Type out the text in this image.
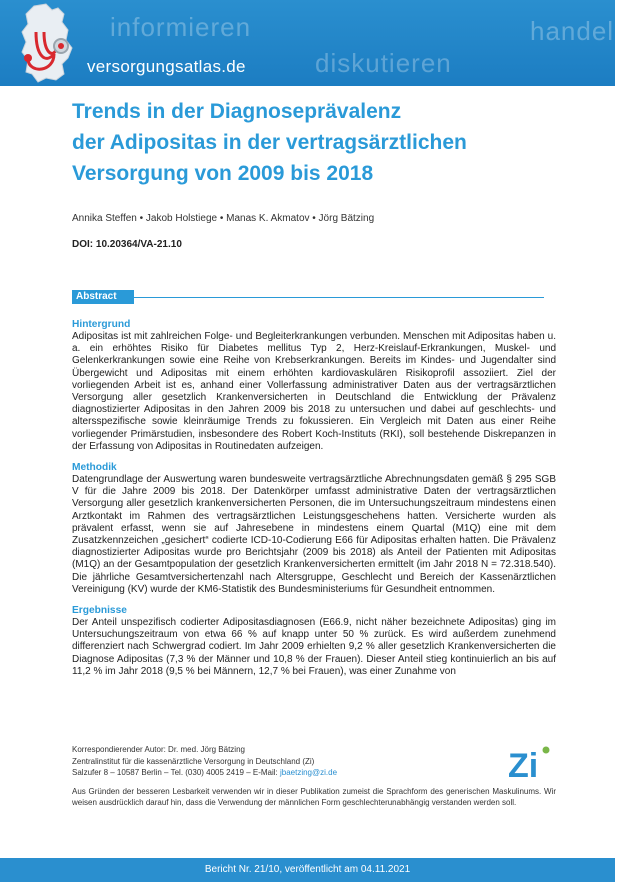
informieren
diskutieren
handeln
versorgungsatlas.de
Trends in der Diagnoseprävalenz
der Adipositas in der vertragsärztlichen
Versorgung von 2009 bis 2018
Annika Steffen • Jakob Holstiege • Manas K. Akmatov • Jörg Bätzing
DOI: 10.20364/VA-21.10
Abstract
Hintergrund

Adipositas ist mit zahlreichen Folge- und Begleiterkrankungen verbunden. Menschen mit Adipositas haben u. a. ein erhöhtes Risiko für Diabetes mellitus Typ 2, Herz-Kreislauf-Erkrankungen, Muskel- und Gelenkerkrankungen sowie eine Reihe von Krebserkrankungen. Bereits im Kindes- und Jugendalter sind Übergewicht und Adipositas mit einem erhöhten kardiovaskulären Risikoprofil assoziiert. Ziel der vorliegenden Arbeit ist es, anhand einer Vollerfassung administrativer Daten aus der vertragsärztlichen Versorgung aller gesetzlich Krankenversicherten in Deutschland die Entwicklung der Prävalenz diagnostizierter Adipositas in den Jahren 2009 bis 2018 zu untersuchen und dabei auf geschlechts- und altersspezifische sowie kleinräumige Trends zu fokussieren. Ein Vergleich mit Daten aus einer Reihe vorliegender Primärstudien, insbesondere des Robert Koch-Instituts (RKI), soll bestehende Diskrepanzen in der Erfassung von Adipositas in Routinedaten aufzeigen.

Methodik

Datengrundlage der Auswertung waren bundesweite vertragsärztliche Abrechnungsdaten gemäß § 295 SGB V für die Jahre 2009 bis 2018. Der Datenkörper umfasst administrative Daten der vertragsärztlichen Versorgung aller gesetzlich krankenversicherten Personen, die im Untersuchungszeitraum mindestens einen Arztkontakt im Rahmen des vertragsärztlichen Leistungsgeschehens hatten. Versicherte wurden als prävalent erfasst, wenn sie auf Jahresebene in mindestens einem Quartal (M1Q) eine mit dem Zusatzkennzeichen „gesichert“ codierte ICD-10-Codierung E66 für Adipositas erhalten hatten. Die Prävalenz diagnostizierter Adipositas wurde pro Berichtsjahr (2009 bis 2018) als Anteil der Patienten mit Adipositas (M1Q) an der Gesamtpopulation der gesetzlich Krankenversicherten ermittelt (im Jahr 2018 N = 72.318.540). Die jährliche Gesamtversichertenzahl nach Altersgruppe, Geschlecht und Bereich der Kassenärztlichen Vereinigung (KV) wurde der KM6-Statistik des Bundesministeriums für Gesundheit entnommen.

Ergebnisse

Der Anteil unspezifisch codierter Adipositasdiagnosen (E66.9, nicht näher bezeichnete Adipositas) ging im Untersuchungszeitraum von etwa 66 % auf knapp unter 50 % zurück. Es wird außerdem zunehmend differenziert nach Schwergrad codiert. Im Jahr 2009 erhielten 9,2 % aller gesetzlich Krankenversicherten die Diagnose Adipositas (7,3 % der Männer und 10,8 % der Frauen). Dieser Anteil stieg kontinuierlich an bis auf 11,2 % im Jahr 2018 (9,5 % bei Männern, 12,7 % bei Frauen), was einer Zunahme von

Korrespondierender Autor: Dr. med. Jörg Bätzing
Zentralinstitut für die kassenärztliche Versorgung in Deutschland (Zi)
Salzufer 8 – 10587 Berlin – Tel. (030) 4005 2419 – E-Mail: jbaetzing@zi.de	Zi
Aus Gründen der besseren Lesbarkeit verwenden wir in dieser Publikation zumeist die Sprachform des generischen Maskulinums. Wir weisen ausdrücklich darauf hin, dass die Verwendung der männlichen Form geschlechterunabhängig verstanden werden soll.
Bericht Nr. 21/10, veröffentlicht am 04.11.2021
